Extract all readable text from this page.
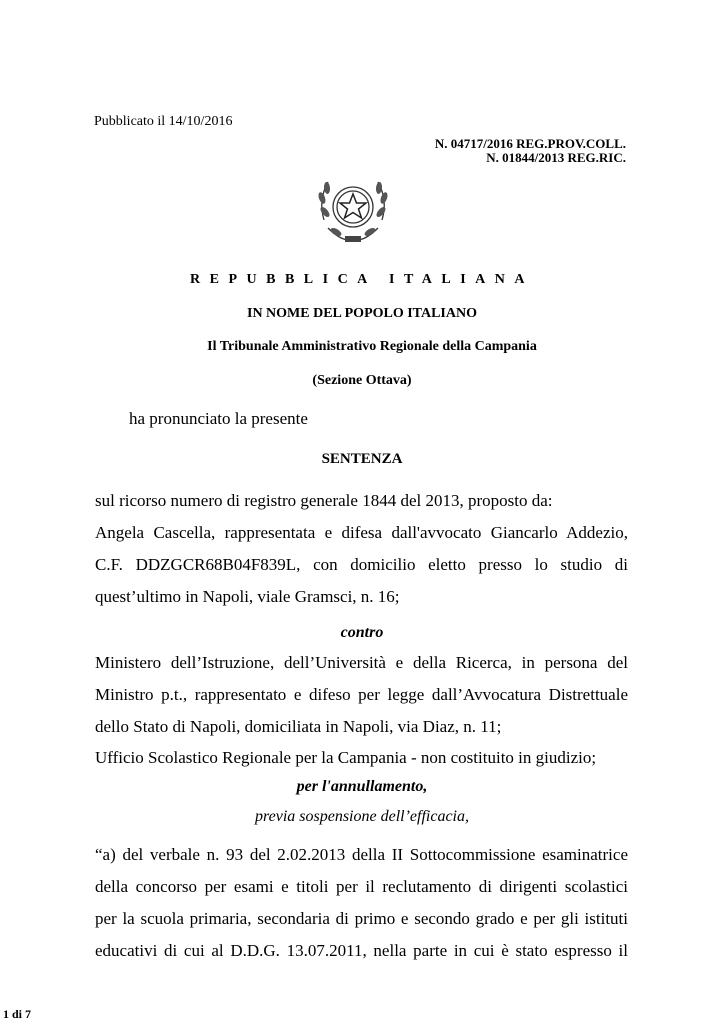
Pubblicato il 14/10/2016
N. 04717/2016 REG.PROV.COLL.
N. 01844/2013 REG.RIC.
REPUBBLICA ITALIANA
IN NOME DEL POPOLO ITALIANO
Il Tribunale Amministrativo Regionale della Campania
(Sezione Ottava)
ha pronunciato la presente
SENTENZA
sul ricorso numero di registro generale 1844 del 2013, proposto da:
Angela Cascella, rappresentata e difesa dall'avvocato Giancarlo Addezio,
C.F. DDZGCR68B04F839L, con domicilio eletto presso lo studio di
quest’ultimo in Napoli, viale Gramsci, n. 16;
contro
Ministero dell’Istruzione, dell’Università e della Ricerca, in persona del
Ministro p.t., rappresentato e difeso per legge dall’Avvocatura Distrettuale
dello Stato di Napoli, domiciliata in Napoli, via Diaz, n. 11;
Ufficio Scolastico Regionale per la Campania - non costituito in giudizio;
per l'annullamento,
previa sospensione dell’efficacia,
“a) del verbale n. 93 del 2.02.2013 della II Sottocommissione esaminatrice
della concorso per esami e titoli per il reclutamento di dirigenti scolastici
per la scuola primaria, secondaria di primo e secondo grado e per gli istituti
educativi di cui al D.D.G. 13.07.2011, nella parte in cui è stato espresso il
1 di 7
